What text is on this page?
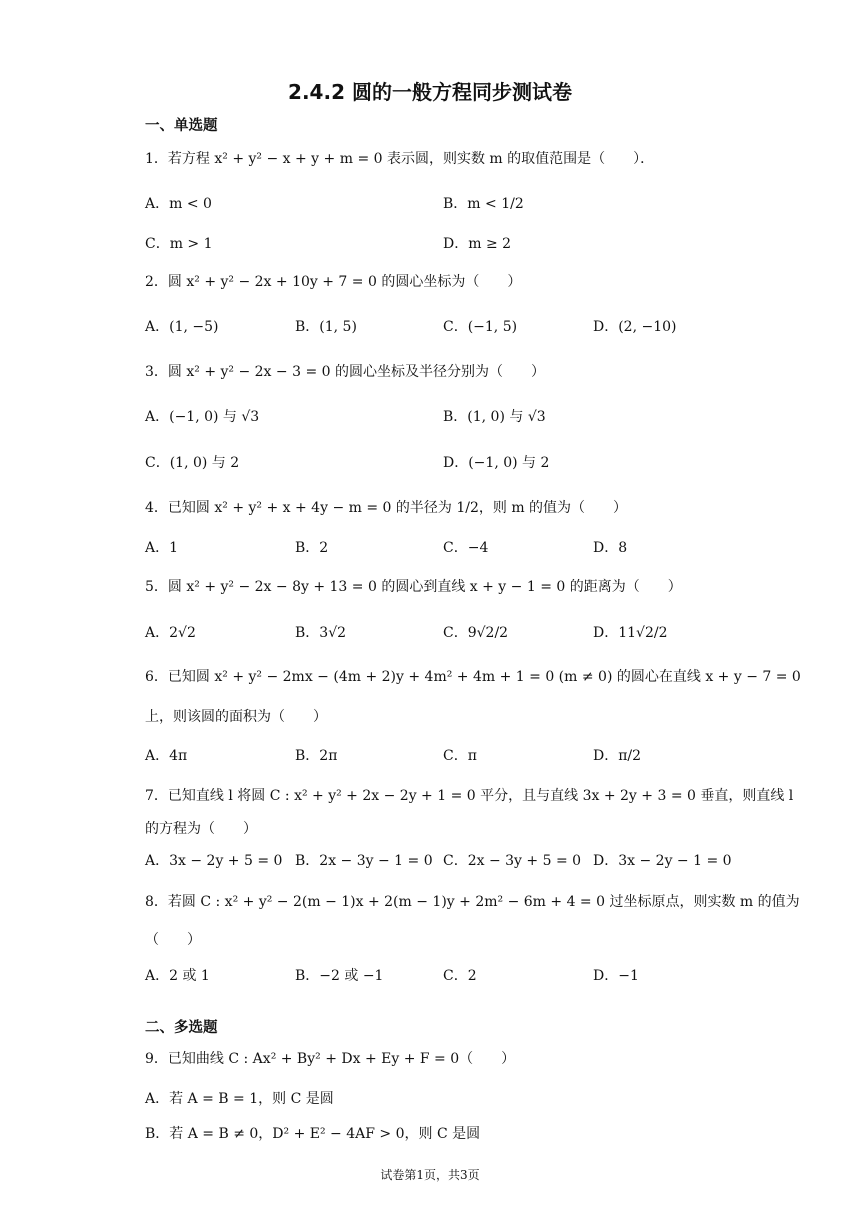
2.4.2 圆的一般方程同步测试卷
一、单选题
1．若方程 x² + y² − x + y + m = 0 表示圆，则实数 m 的取值范围是（　　）．
A．m < 0	B．m < 1/2
C．m > 1	D．m ≥ 2
2．圆 x² + y² − 2x + 10y + 7 = 0 的圆心坐标为（　　）
A．(1, −5)	B．(1, 5)	C．(−1, 5)	D．(2, −10)
3．圆 x² + y² − 2x − 3 = 0 的圆心坐标及半径分别为（　　）
A．(−1, 0) 与 √3	B．(1, 0) 与 √3
C．(1, 0) 与 2	D．(−1, 0) 与 2
4．已知圆 x² + y² + x + 4y − m = 0 的半径为 1/2，则 m 的值为（　　）
A．1	B．2	C．−4	D．8
5．圆 x² + y² − 2x − 8y + 13 = 0 的圆心到直线 x + y − 1 = 0 的距离为（　　）
A．2√2	B．3√2	C．9√2/2	D．11√2/2
6．已知圆 x² + y² − 2mx − (4m + 2)y + 4m² + 4m + 1 = 0 (m ≠ 0) 的圆心在直线 x + y − 7 = 0
上，则该圆的面积为（　　）
A．4π	B．2π	C．π	D．π/2
7．已知直线 l 将圆 C : x² + y² + 2x − 2y + 1 = 0 平分，且与直线 3x + 2y + 3 = 0 垂直，则直线 l
的方程为（　　）
A．3x − 2y + 5 = 0 B．2x − 3y − 1 = 0 C．2x − 3y + 5 = 0 D．3x − 2y − 1 = 0
8．若圆 C : x² + y² − 2(m − 1)x + 2(m − 1)y + 2m² − 6m + 4 = 0 过坐标原点，则实数 m 的值为
（　　）
A．2 或 1	B．−2 或 −1	C．2	D．−1
二、多选题
9．已知曲线 C : Ax² + By² + Dx + Ey + F = 0（　　）
A．若 A = B = 1，则 C 是圆
B．若 A = B ≠ 0，D² + E² − 4AF > 0，则 C 是圆
试卷第1页，共3页
